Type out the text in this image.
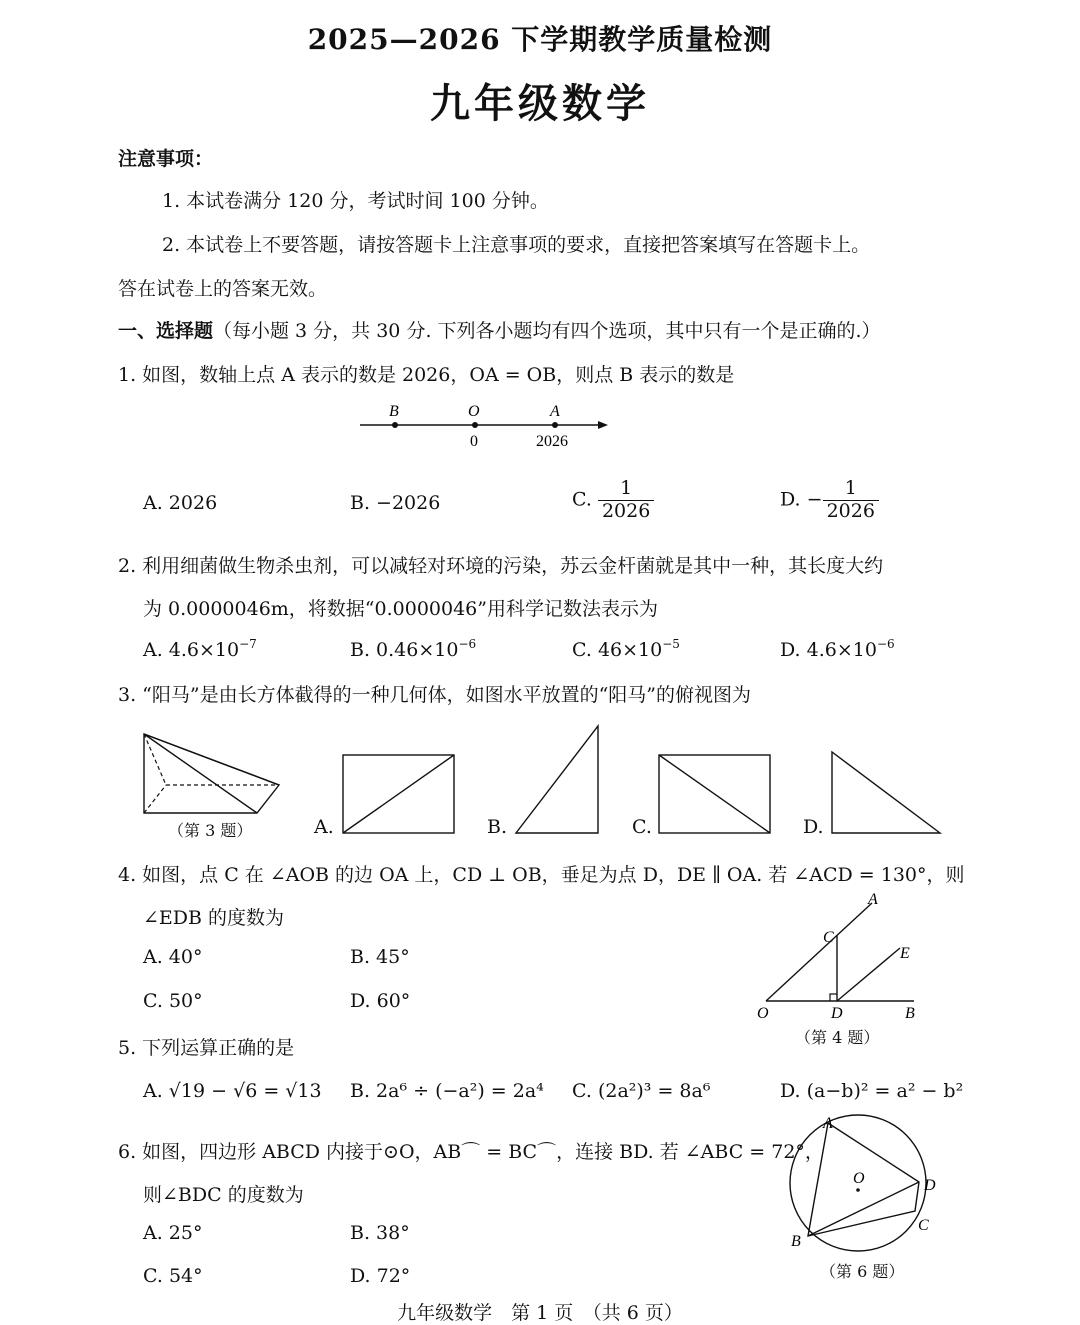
2025—2026 下学期教学质量检测
九年级数学
注意事项：
1. 本试卷满分 120 分，考试时间 100 分钟。
2. 本试卷上不要答题，请按答题卡上注意事项的要求，直接把答案填写在答题卡上。
答在试卷上的答案无效。
一、选择题（每小题 3 分，共 30 分. 下列各小题均有四个选项，其中只有一个是正确的.）
1. 如图，数轴上点 A 表示的数是 2026，OA = OB，则点 B 表示的数是
B	O	A
0	2026
A. 2026	B. −2026	C. $\frac{1}{2026}$	D. − $\frac{1}{2026}$
2. 利用细菌做生物杀虫剂，可以减轻对环境的污染，苏云金杆菌就是其中一种，其长度大约
为 0.0000046m，将数据“0.0000046”用科学记数法表示为
A. $4.6\times 10^{-7}$	B. $0.46\times 10^{-6}$	C. $46\times 10^{-5}$	D. $4.6\times 10^{-6}$
3. “阳马”是由长方体截得的一种几何体，如图水平放置的“阳马”的俯视图为
（第 3 题）	A.	B.	C.	D.
4. 如图，点 C 在 ∠AOB 的边 OA 上，CD ⊥ OB，垂足为点 D，DE ∥ OA. 若 ∠ACD = 130°，则
∠EDB 的度数为
A. 40°	B. 45°
C. 50°	D. 60°
A
C
E
O	D	B
（第 4 题）
5. 下列运算正确的是
A. √19 − √6 = √13 B. 2a⁶ ÷ (−a²) = 2a⁴ C. (2a²)³ = 8a⁶	D. (a−b)² = a² − b²
6. 如图，四边形 ABCD 内接于⊙O，AB⌒ = BC⌒，连接 BD. 若 ∠ABC = 72°，
则∠BDC 的度数为
A. 25°	B. 38°
C. 54°	D. 72°
A
O	D
C
B
（第 6 题）
九年级数学　第 1 页　（共 6 页）
